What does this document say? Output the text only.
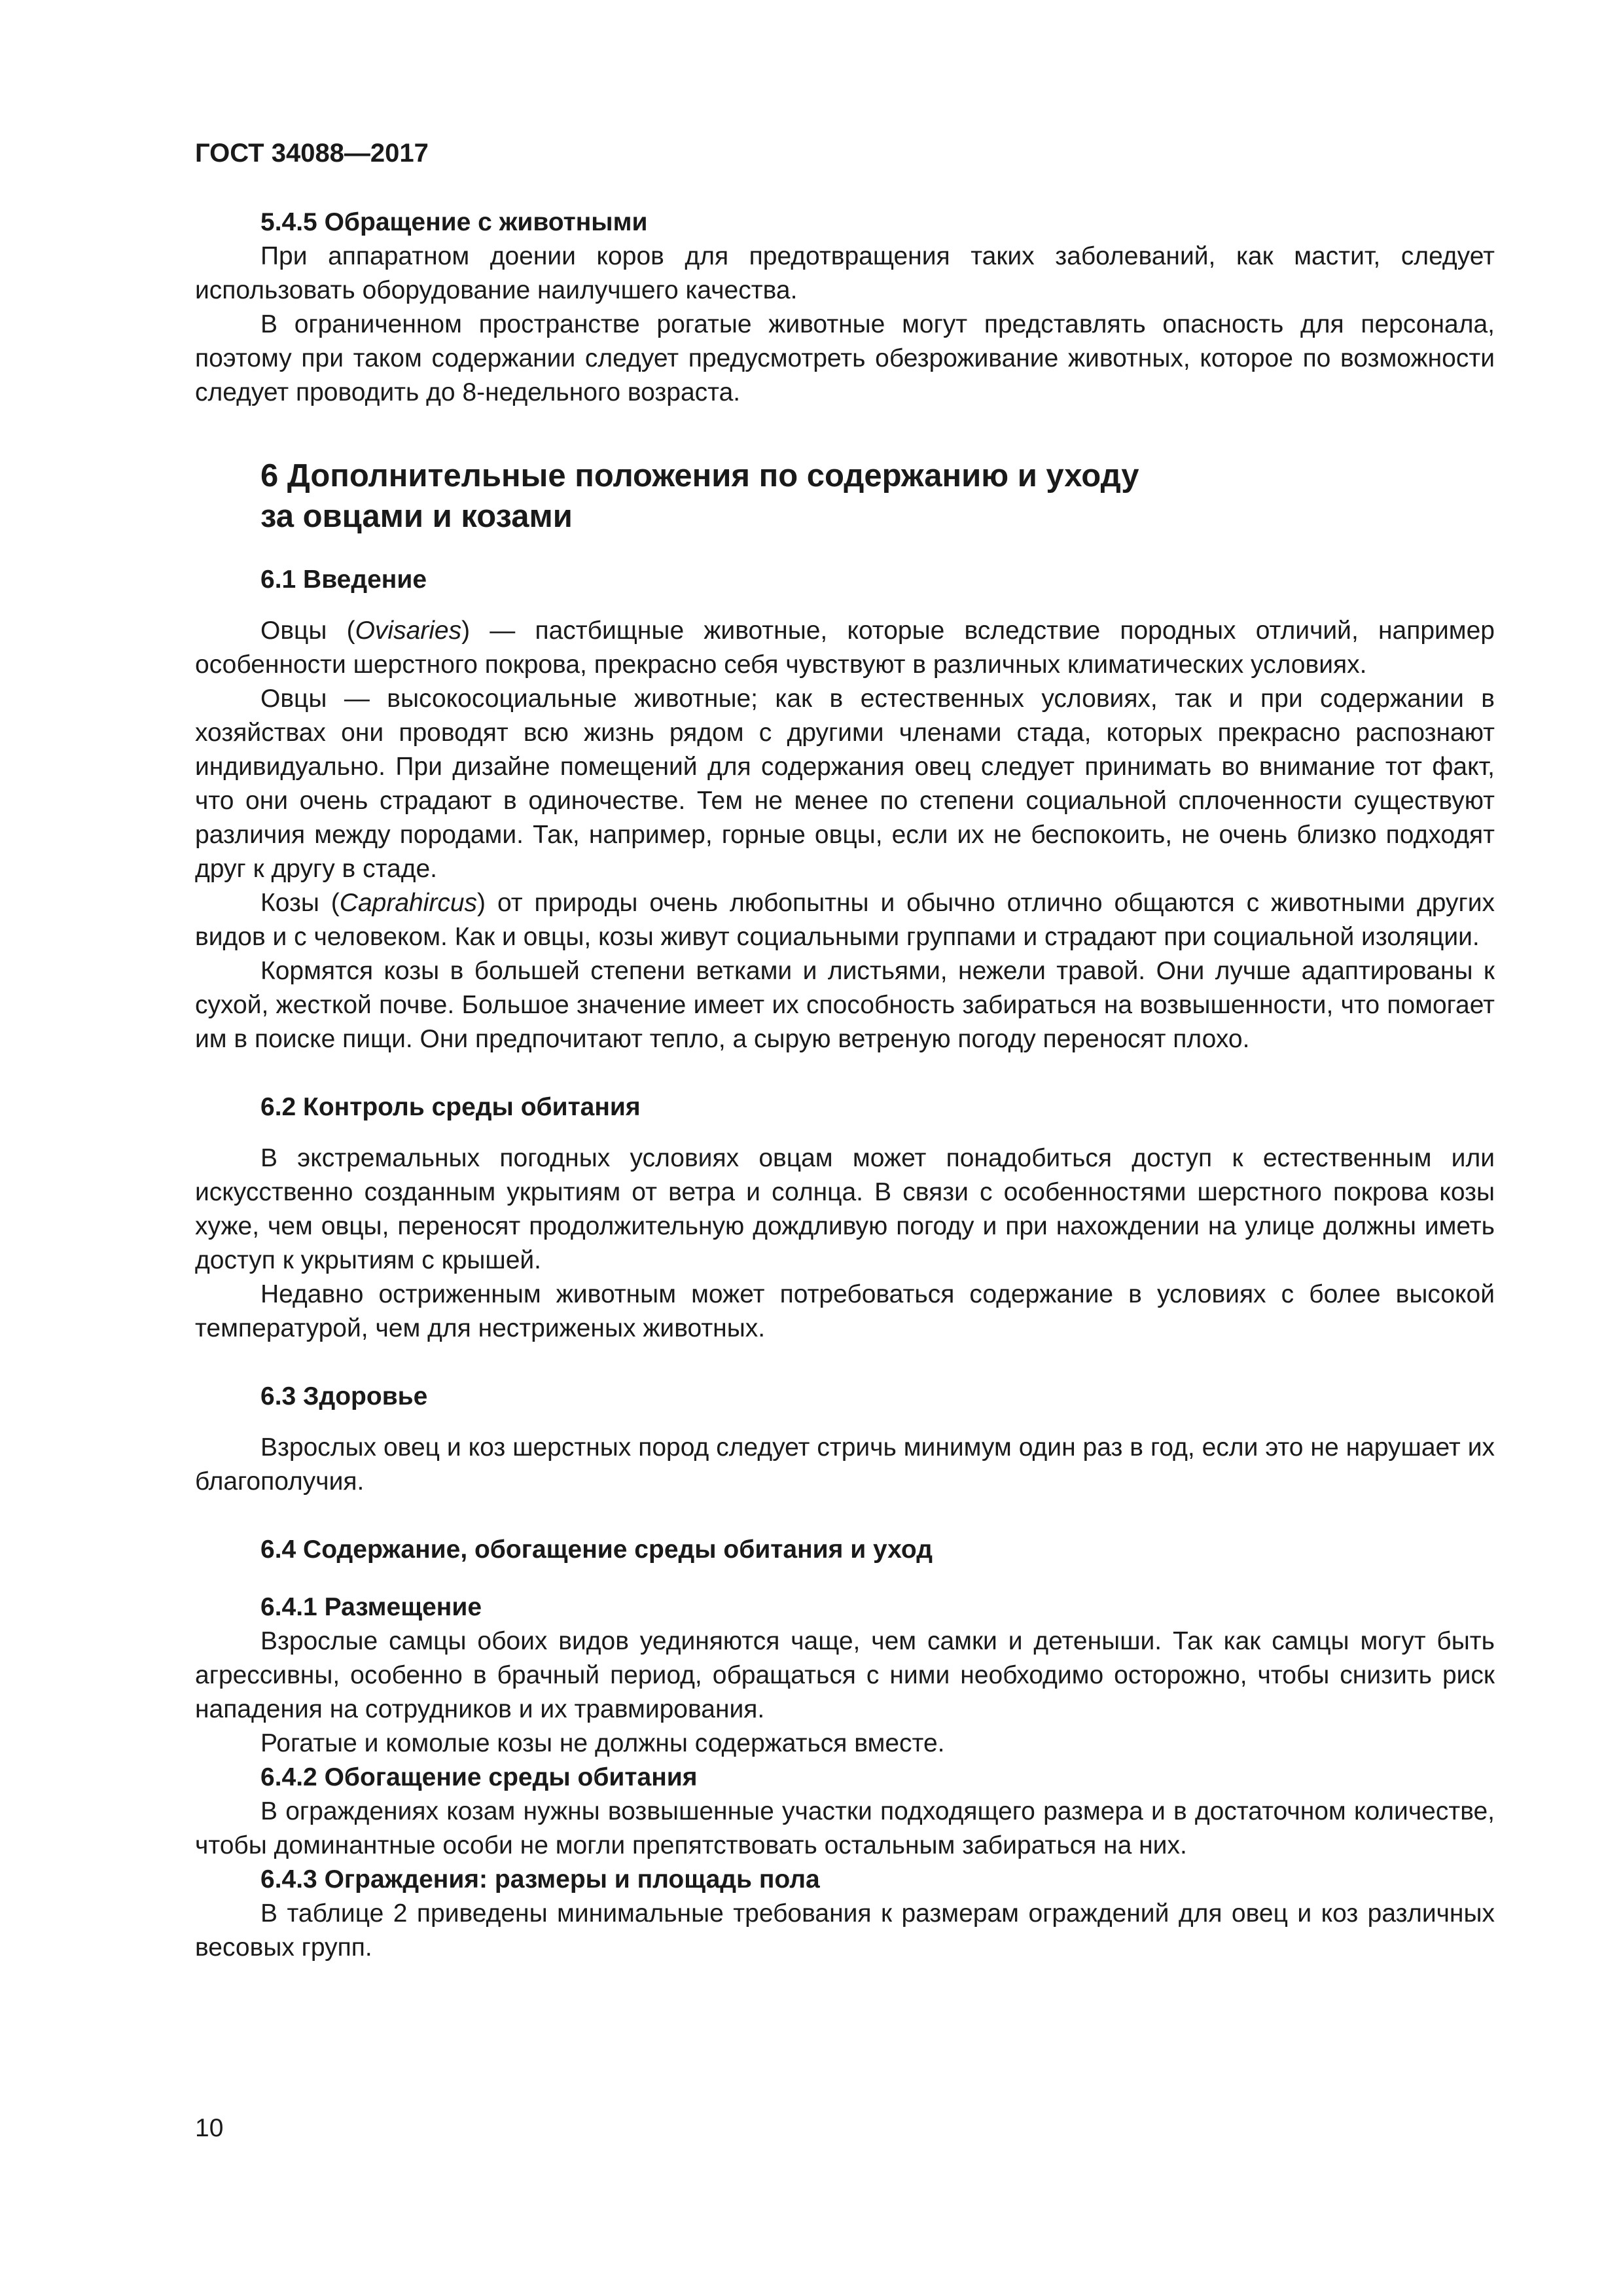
ГОСТ 34088—2017
5.4.5 Обращение с животными

При аппаратном доении коров для предотвращения таких заболеваний, как мастит, следует использовать оборудование наилучшего качества.

В ограниченном пространстве рогатые животные могут представлять опасность для персонала, поэтому при таком содержании следует предусмотреть обезроживание животных, которое по возможности следует проводить до 8-недельного возраста.

6 Дополнительные положения по содержанию и уходу
за овцами и козами
6.1 Введение

Овцы (Ovisaries) — пастбищные животные, которые вследствие породных отличий, например особенности шерстного покрова, прекрасно себя чувствуют в различных климатических условиях.

Овцы — высокосоциальные животные; как в естественных условиях, так и при содержании в хозяйствах они проводят всю жизнь рядом с другими членами стада, которых прекрасно распознают индивидуально. При дизайне помещений для содержания овец следует принимать во внимание тот факт, что они очень страдают в одиночестве. Тем не менее по степени социальной сплоченности существуют различия между породами. Так, например, горные овцы, если их не беспокоить, не очень близко подходят друг к другу в стаде.

Козы (Caprahircus) от природы очень любопытны и обычно отлично общаются с животными других видов и с человеком. Как и овцы, козы живут социальными группами и страдают при социальной изоляции.

Кормятся козы в большей степени ветками и листьями, нежели травой. Они лучше адаптированы к сухой, жесткой почве. Большое значение имеет их способность забираться на возвышенности, что помогает им в поиске пищи. Они предпочитают тепло, а сырую ветреную погоду переносят плохо.

6.2 Контроль среды обитания

В экстремальных погодных условиях овцам может понадобиться доступ к естественным или искусственно созданным укрытиям от ветра и солнца. В связи с особенностями шерстного покрова козы хуже, чем овцы, переносят продолжительную дождливую погоду и при нахождении на улице должны иметь доступ к укрытиям с крышей.

Недавно остриженным животным может потребоваться содержание в условиях с более высокой температурой, чем для нестриженых животных.

6.3 Здоровье

Взрослых овец и коз шерстных пород следует стричь минимум один раз в год, если это не нарушает их благополучия.

6.4 Содержание, обогащение среды обитания и уход
6.4.1 Размещение

Взрослые самцы обоих видов уединяются чаще, чем самки и детеныши. Так как самцы могут быть агрессивны, особенно в брачный период, обращаться с ними необходимо осторожно, чтобы снизить риск нападения на сотрудников и их травмирования.

Рогатые и комолые козы не должны содержаться вместе.

6.4.2 Обогащение среды обитания

В ограждениях козам нужны возвышенные участки подходящего размера и в достаточном количестве, чтобы доминантные особи не могли препятствовать остальным забираться на них.

6.4.3 Ограждения: размеры и площадь пола

В таблице 2 приведены минимальные требования к размерам ограждений для овец и коз различных весовых групп.

10
